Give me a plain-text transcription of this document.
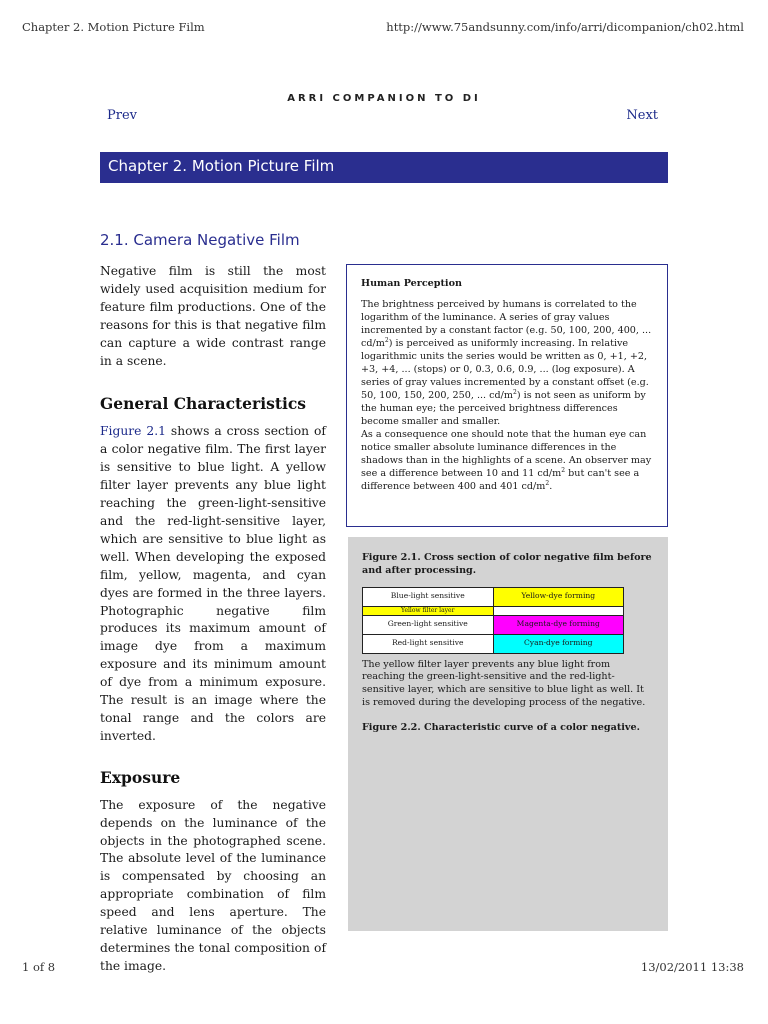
Chapter 2. Motion Picture Film	http://www.75andsunny.com/info/arri/dicompanion/ch02.html
ARRI COMPANION TO DI
Prev	Next
Chapter 2. Motion Picture Film
2.1. Camera Negative Film

Negative film is still the most widely used acquisition medium for feature film productions. One of the reasons for this is that negative film can capture a wide contrast range in a scene.

General Characteristics

Figure 2.1 shows a cross section of a color negative film. The first layer is sensitive to blue light. A yellow filter layer prevents any blue light reaching the green-light-sensitive and the red-light-sensitive layer, which are sensitive to blue light as well. When developing the exposed film, yellow, magenta, and cyan dyes are formed in the three layers. Photographic negative film produces its maximum amount of image dye from a maximum exposure and its minimum amount of dye from a minimum exposure. The result is an image where the tonal range and the colors are inverted.

Exposure

The exposure of the negative depends on the luminance of the objects in the photographed scene. The absolute level of the luminance is compensated by choosing an appropriate combination of film speed and lens aperture. The relative luminance of the objects determines the tonal composition of the image.

Human Perception

The brightness perceived by humans is correlated to the logarithm of the luminance. A series of gray values incremented by a constant factor (e.g. 50, 100, 200, 400, ... $cd/m^2$) is perceived as uniformly increasing. In relative logarithmic units the series would be written as 0, +1, +2, +3, +4, ... (stops) or 0, 0.3, 0.6, 0.9, ... (log exposure). A series of gray values incremented by a constant offset (e.g. 50, 100, 150, 200, 250, ... $cd/m^2$) is not seen as uniform by the human eye; the perceived brightness differences become smaller and smaller.

As a consequence one should note that the human eye can notice smaller absolute luminance differences in the shadows than in the highlights of a scene. An observer may see a difference between 10 and 11 $cd/m^2$ but can't see a difference between 400 and 401 $cd/m^2$.

Figure 2.1. Cross section of color negative film before and after processing.

Blue-light sensitive	Yellow-dye forming
Yellow filter layer	
Green-light sensitive	Magenta-dye forming
Red-light sensitive	Cyan-dye forming

The yellow filter layer prevents any blue light from reaching the green-light-sensitive and the red-light-sensitive layer, which are sensitive to blue light as well. It is removed during the developing process of the negative.

Figure 2.2. Characteristic curve of a color negative.

1 of 8	13/02/2011 13:38
